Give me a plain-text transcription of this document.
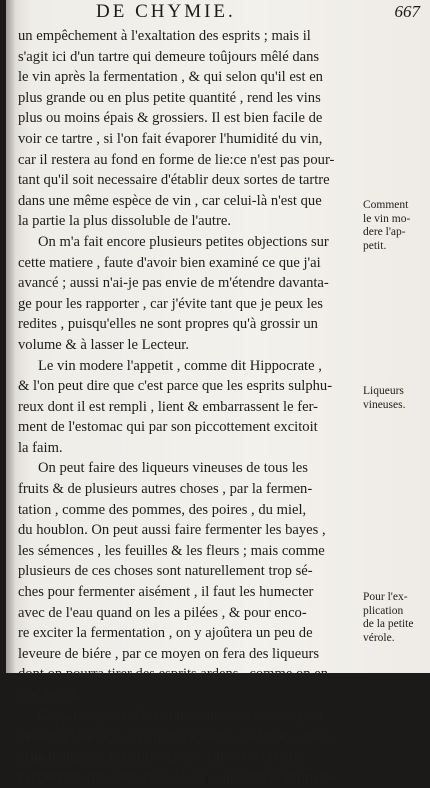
DE CHYMIE.	667
un empêchement à l'exaltation des esprits ; mais il
s'agit ici d'un tartre qui demeure toûjours mêlé dans
le vin après la fermentation , & qui selon qu'il est en
plus grande ou en plus petite quantité , rend les vins
plus ou moins épais & grossiers. Il est bien facile de
voir ce tartre , si l'on fait évaporer l'humidité du vin,
car il restera au fond en forme de lie:ce n'est pas pour-
tant qu'il soit necessaire d'établir deux sortes de tartre
dans une même espèce de vin , car celui-là n'est que
la partie la plus dissoluble de l'autre.
On m'a fait encore plusieurs petites objections sur
cette matiere , faute d'avoir bien examiné ce que j'ai
avancé ; aussi n'ai-je pas envie de m'étendre davanta-
ge pour les rapporter , car j'évite tant que je peux les
redites , puisqu'elles ne sont propres qu'à grossir un
volume & à lasser le Lecteur.
Le vin modere l'appetit , comme dit Hippocrate ,
& l'on peut dire que c'est parce que les esprits sulphu-
reux dont il est rempli , lient & embarrassent le fer-
ment de l'estomac qui par son piccottement excitoit
la faim.
On peut faire des liqueurs vineuses de tous les
fruits & de plusieurs autres choses , par la fermen-
tation , comme des pommes, des poires , du miel,
du houblon. On peut aussi faire fermenter les bayes ,
les sémences , les feuilles & les fleurs ; mais comme
plusieurs de ces choses sont naturellement trop sé-
ches pour fermenter aisément , il faut les humecter
avec de l'eau quand on les a pilées , & pour enco-
re exciter la fermentation , on y ajoûtera un peu de
leveure de biére , par ce moyen on fera des liqueurs
dont on pourra tirer des esprits ardens , comme on en
tire du vin.
Ce qui se passe dans la fermentation du vin, peut
beaucoup servir à expliquer plusieurs maladies , mais
principalement la petite vérole : car il y a bien de
l'apparence que dans celle-là , le sang bout & fermen-
Comment
le vin mo-
dere l'ap-
petit.
Liqueurs
vineuses.
Pour l'ex-
plication
de la petite
vérole.
